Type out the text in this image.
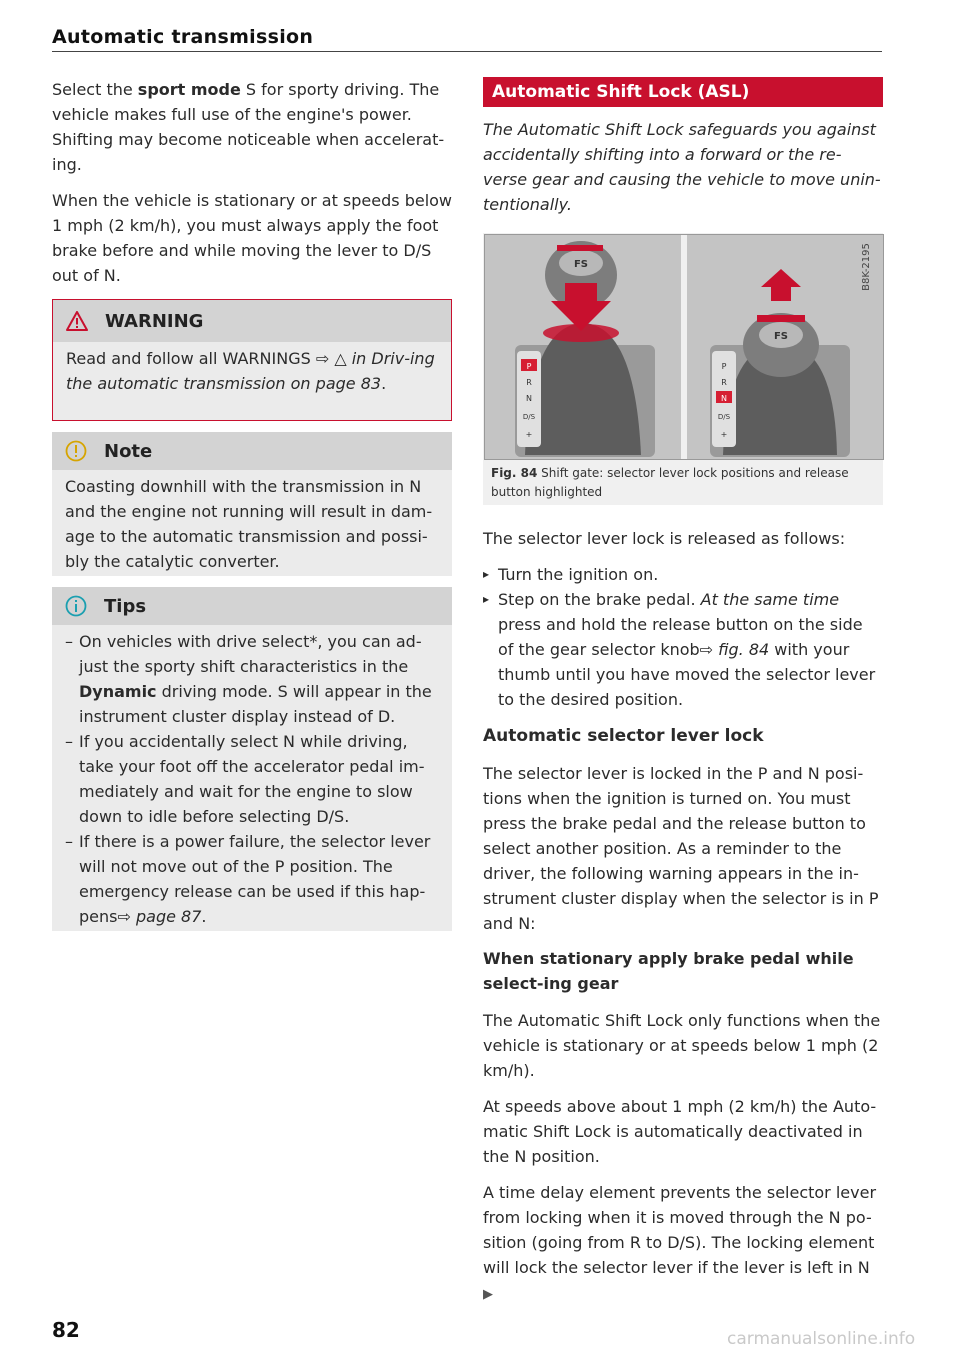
Automatic transmission

Select the sport mode S for sporty driving. The vehicle makes full use of the engine's power. Shifting may become noticeable when accelerat-ing.

When the vehicle is stationary or at speeds below 1 mph (2 km/h), you must always apply the foot brake before and while moving the lever to D/S out of N.

WARNING
Read and follow all WARNINGS ⇨ △ in Driv-ing the automatic transmission on page 83.
Note
Coasting downhill with the transmission in N and the engine not running will result in dam-age to the automatic transmission and possi-bly the catalytic converter.
Tips
– On vehicles with drive select*, you can ad-just the sporty shift characteristics in the Dynamic driving mode. S will appear in the instrument cluster display instead of D.
– If you accidentally select N while driving, take your foot off the accelerator pedal im-mediately and wait for the engine to slow down to idle before selecting D/S.
– If there is a power failure, the selector lever will not move out of the P position. The emergency release can be used if this hap-pens⇨ page 87.
82
Automatic Shift Lock (ASL)

The Automatic Shift Lock safeguards you against accidentally shifting into a forward or the re-verse gear and causing the vehicle to move unin-tentionally.

FS
FS
P
R
N
D/S
+
P
R
N
D/S
+
B8K-2195
Fig. 84 Shift gate: selector lever lock positions and release button highlighted

The selector lever lock is released as follows:

▸ Turn the ignition on.
▸ Step on the brake pedal. At the same time press and hold the release button on the side of the gear selector knob⇨ fig. 84 with your thumb until you have moved the selector lever to the desired position.
Automatic selector lever lock

The selector lever is locked in the P and N posi-tions when the ignition is turned on. You must press the brake pedal and the release button to select another position. As a reminder to the driver, the following warning appears in the in-strument cluster display when the selector is in P and N:

When stationary apply brake pedal while select-ing gear

The Automatic Shift Lock only functions when the vehicle is stationary or at speeds below 1 mph (2 km/h).

At speeds above about 1 mph (2 km/h) the Auto-matic Shift Lock is automatically deactivated in the N position.

A time delay element prevents the selector lever from locking when it is moved through the N po-sition (going from R to D/S). The locking element will lock the selector lever if the lever is left in N ▶

carmanualsonline.info
